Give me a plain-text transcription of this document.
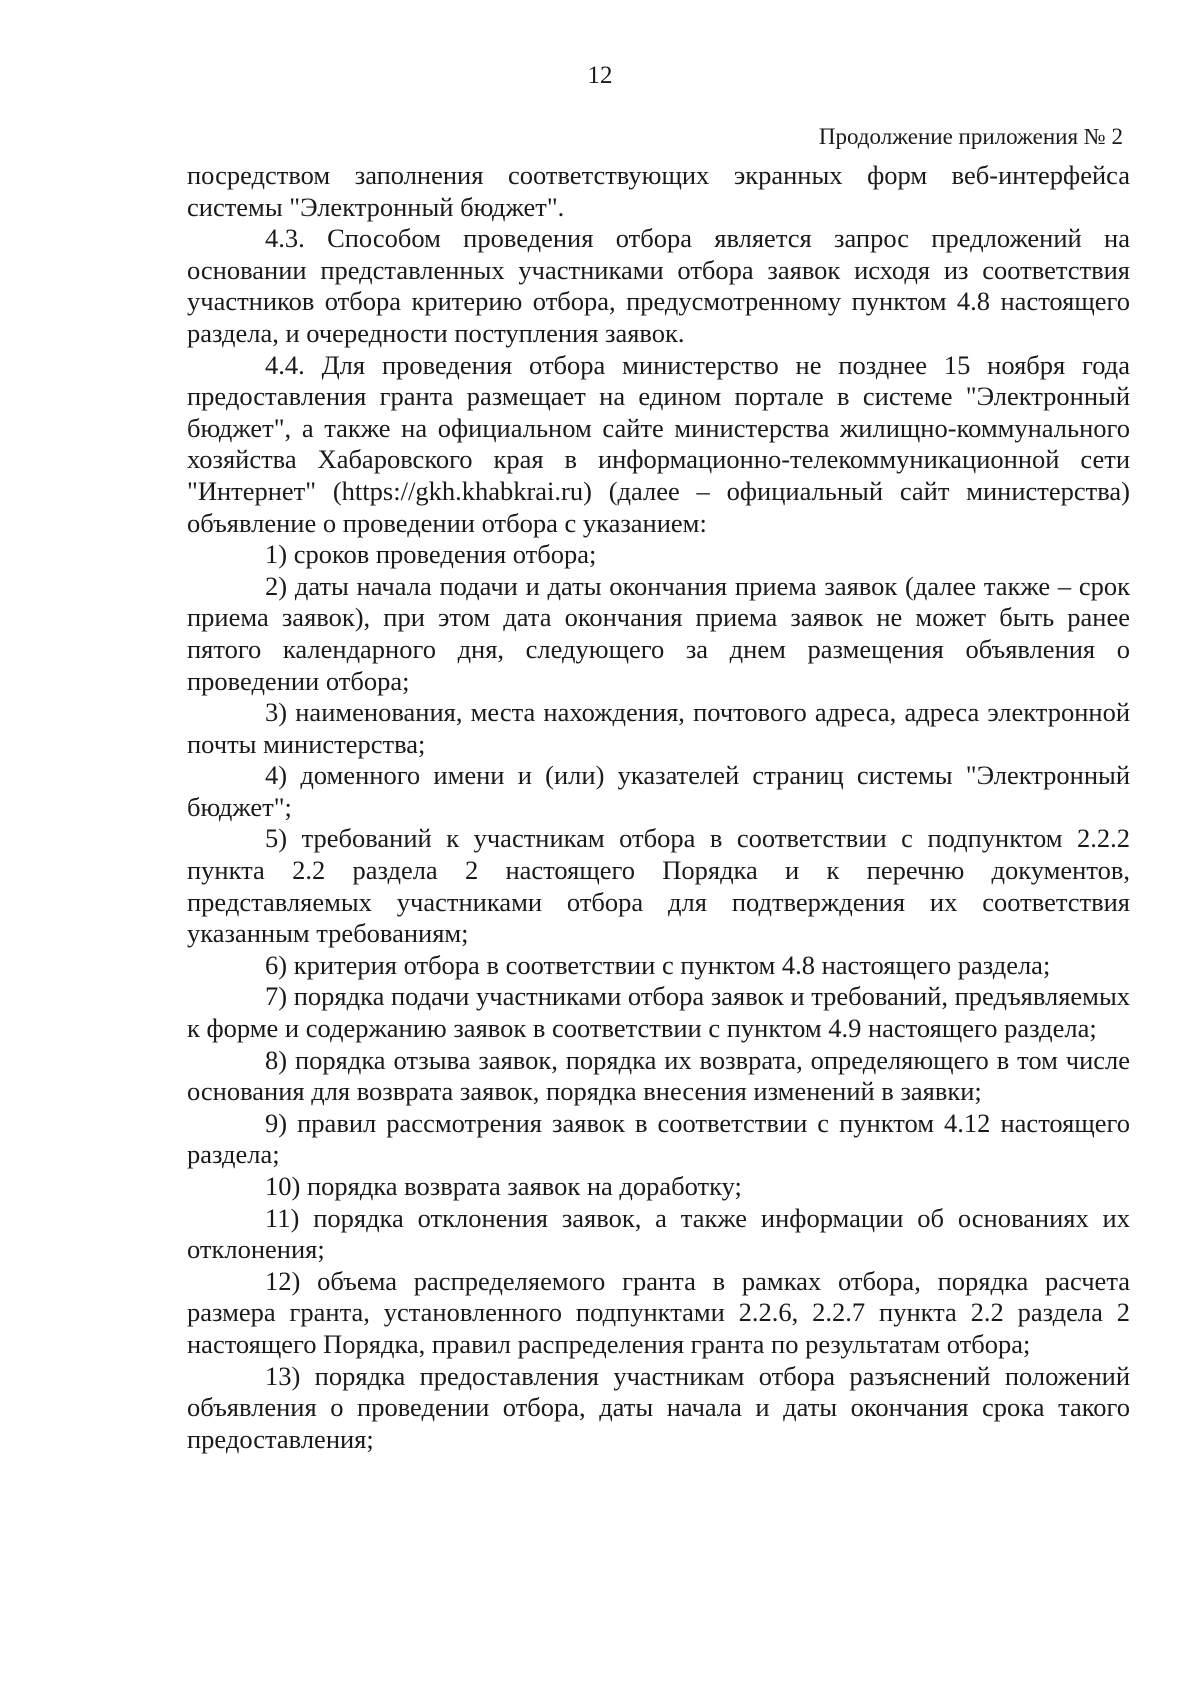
12
Продолжение приложения № 2

посредством заполнения соответствующих экранных форм веб-интерфейса системы "Электронный бюджет".

4.3. Способом проведения отбора является запрос предложений на основании представленных участниками отбора заявок исходя из соответствия участников отбора критерию отбора, предусмотренному пунктом 4.8 настоящего раздела, и очередности поступления заявок.

4.4. Для проведения отбора министерство не позднее 15 ноября года предоставления гранта размещает на едином портале в системе "Электронный бюджет", а также на официальном сайте министерства жилищно-коммунального хозяйства Хабаровского края в информационно-телекоммуникационной сети "Интернет" (https://gkh.khabkrai.ru) (далее – официальный сайт министерства) объявление о проведении отбора с указанием:

1) сроков проведения отбора;

2) даты начала подачи и даты окончания приема заявок (далее также – срок приема заявок), при этом дата окончания приема заявок не может быть ранее пятого календарного дня, следующего за днем размещения объявления о проведении отбора;

3) наименования, места нахождения, почтового адреса, адреса электронной почты министерства;

4) доменного имени и (или) указателей страниц системы "Электронный бюджет";

5) требований к участникам отбора в соответствии с подпунктом 2.2.2 пункта 2.2 раздела 2 настоящего Порядка и к перечню документов, представляемых участниками отбора для подтверждения их соответствия указанным требованиям;

6) критерия отбора в соответствии с пунктом 4.8 настоящего раздела;

7) порядка подачи участниками отбора заявок и требований, предъявляемых к форме и содержанию заявок в соответствии с пунктом 4.9 настоящего раздела;

8) порядка отзыва заявок, порядка их возврата, определяющего в том числе основания для возврата заявок, порядка внесения изменений в заявки;

9) правил рассмотрения заявок в соответствии с пунктом 4.12 настоящего раздела;

10) порядка возврата заявок на доработку;

11) порядка отклонения заявок, а также информации об основаниях их отклонения;

12) объема распределяемого гранта в рамках отбора, порядка расчета размера гранта, установленного подпунктами 2.2.6, 2.2.7 пункта 2.2 раздела 2 настоящего Порядка, правил распределения гранта по результатам отбора;

13) порядка предоставления участникам отбора разъяснений положений объявления о проведении отбора, даты начала и даты окончания срока такого предоставления;
